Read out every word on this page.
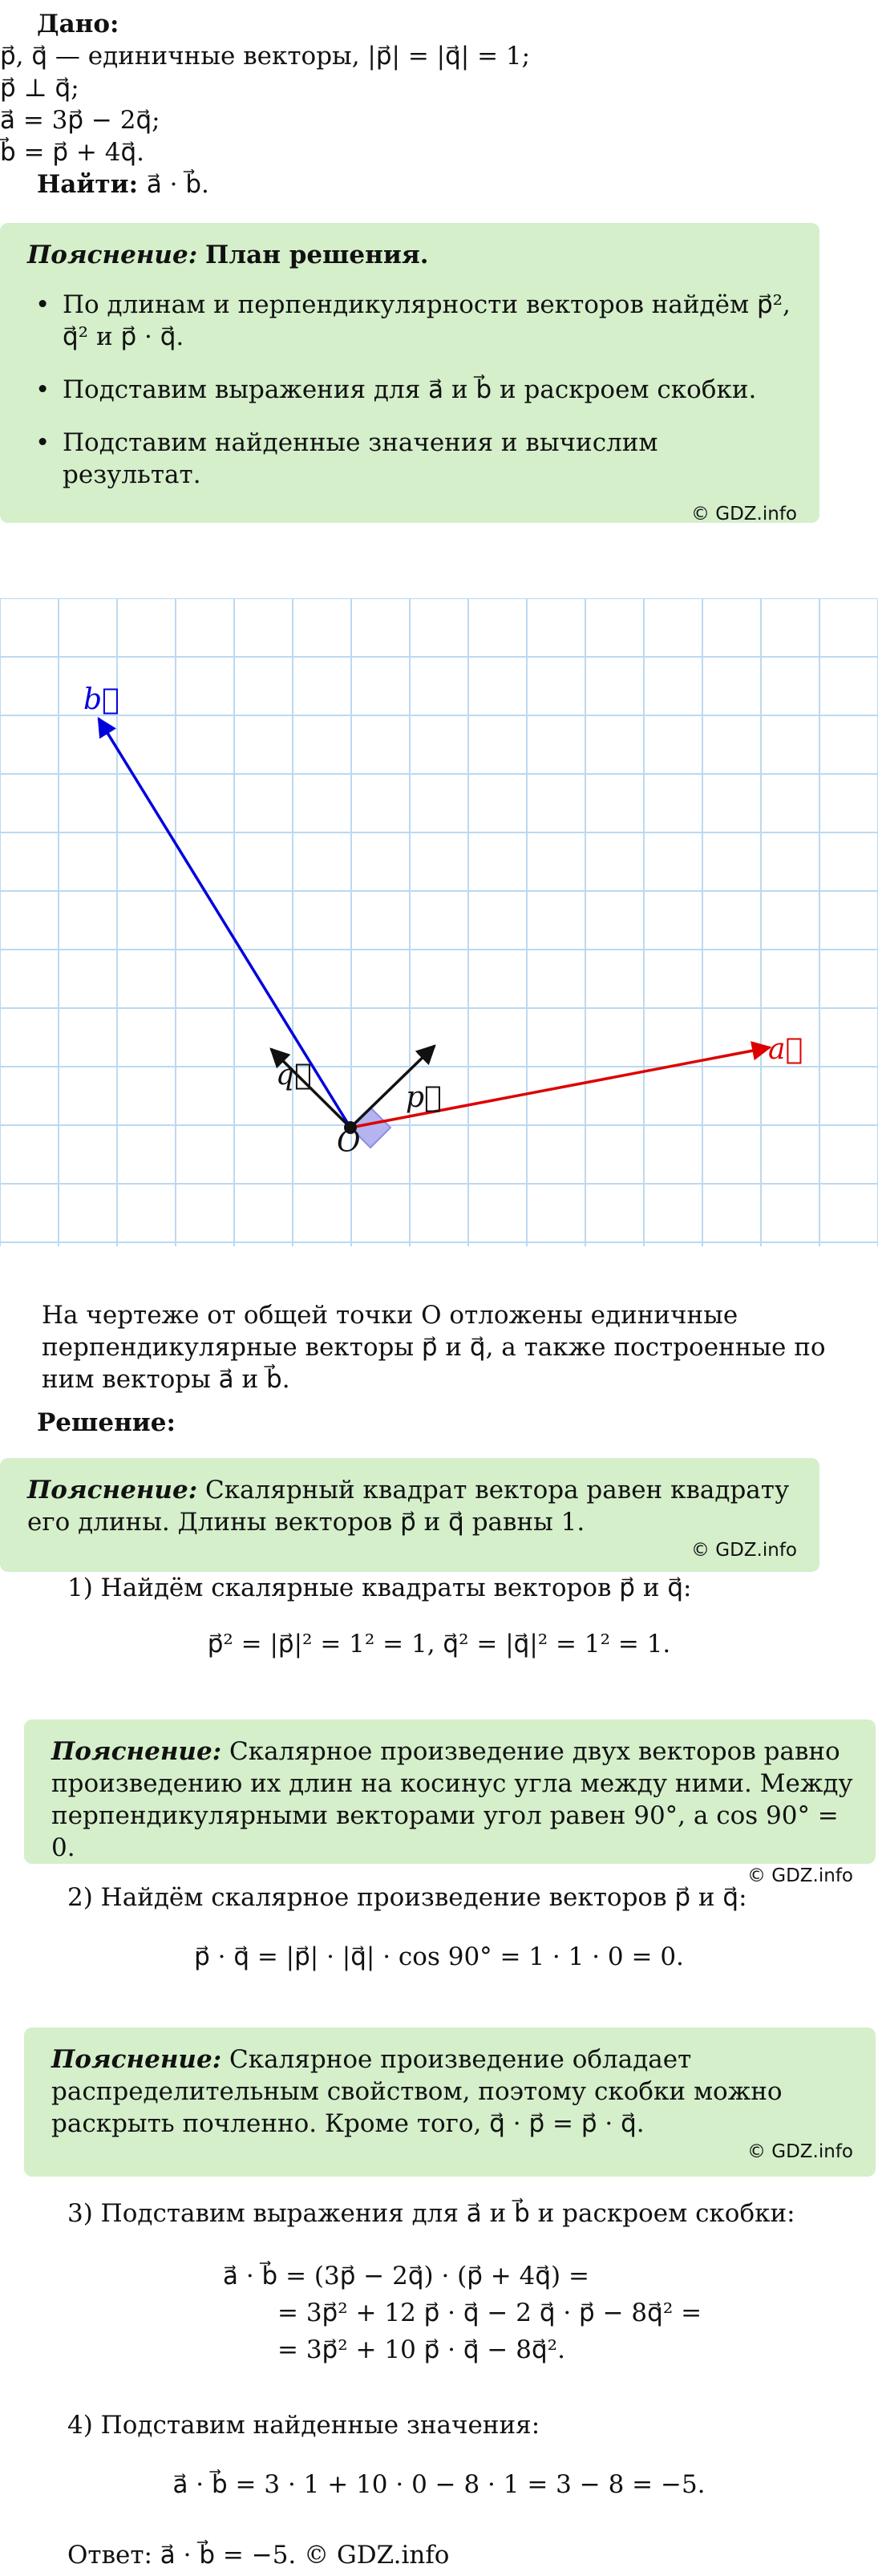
Дано:
p⃗, q⃗ — единичные векторы, |p⃗| = |q⃗| = 1;
p⃗ ⊥ q⃗;
a⃗ = 3p⃗ − 2q⃗;
b⃗ = p⃗ + 4q⃗.
Найти: a⃗ · b⃗.
Пояснение: План решения.
• По длинам и перпендикулярности векторов найдём p⃗², q⃗² и p⃗ · q⃗.
• Подставим выражения для a⃗ и b⃗ и раскроем скобки.
• Подставим найденные значения и вычислим результат.
© GDZ.info
b⃗
a⃗
q⃗
p⃗
O
На чертеже от общей точки O отложены единичные перпендикулярные векторы p⃗ и q⃗, а также построенные по ним векторы a⃗ и b⃗.
Решение:
Пояснение: Скалярный квадрат вектора равен квадрату его длины. Длины векторов p⃗ и q⃗ равны 1.
© GDZ.info
1) Найдём скалярные квадраты векторов p⃗ и q⃗:
p⃗² = |p⃗|² = 1² = 1, q⃗² = |q⃗|² = 1² = 1.
Пояснение: Скалярное произведение двух векторов равно произведению их длин на косинус угла между ними. Между перпендикулярными векторами угол равен 90°, а cos 90° = 0.
© GDZ.info
2) Найдём скалярное произведение векторов p⃗ и q⃗:
p⃗ · q⃗ = |p⃗| · |q⃗| · cos 90° = 1 · 1 · 0 = 0.
Пояснение: Скалярное произведение обладает распределительным свойством, поэтому скобки можно раскрыть почленно. Кроме того, q⃗ · p⃗ = p⃗ · q⃗.
© GDZ.info
3) Подставим выражения для a⃗ и b⃗ и раскроем скобки:
a⃗ · b⃗ = (3p⃗ − 2q⃗) · (p⃗ + 4q⃗) =
= 3p⃗² + 12 p⃗ · q⃗ − 2 q⃗ · p⃗ − 8q⃗² =
= 3p⃗² + 10 p⃗ · q⃗ − 8q⃗².
4) Подставим найденные значения:
a⃗ · b⃗ = 3 · 1 + 10 · 0 − 8 · 1 = 3 − 8 = −5.
Ответ: a⃗ · b⃗ = −5. © GDZ.info
